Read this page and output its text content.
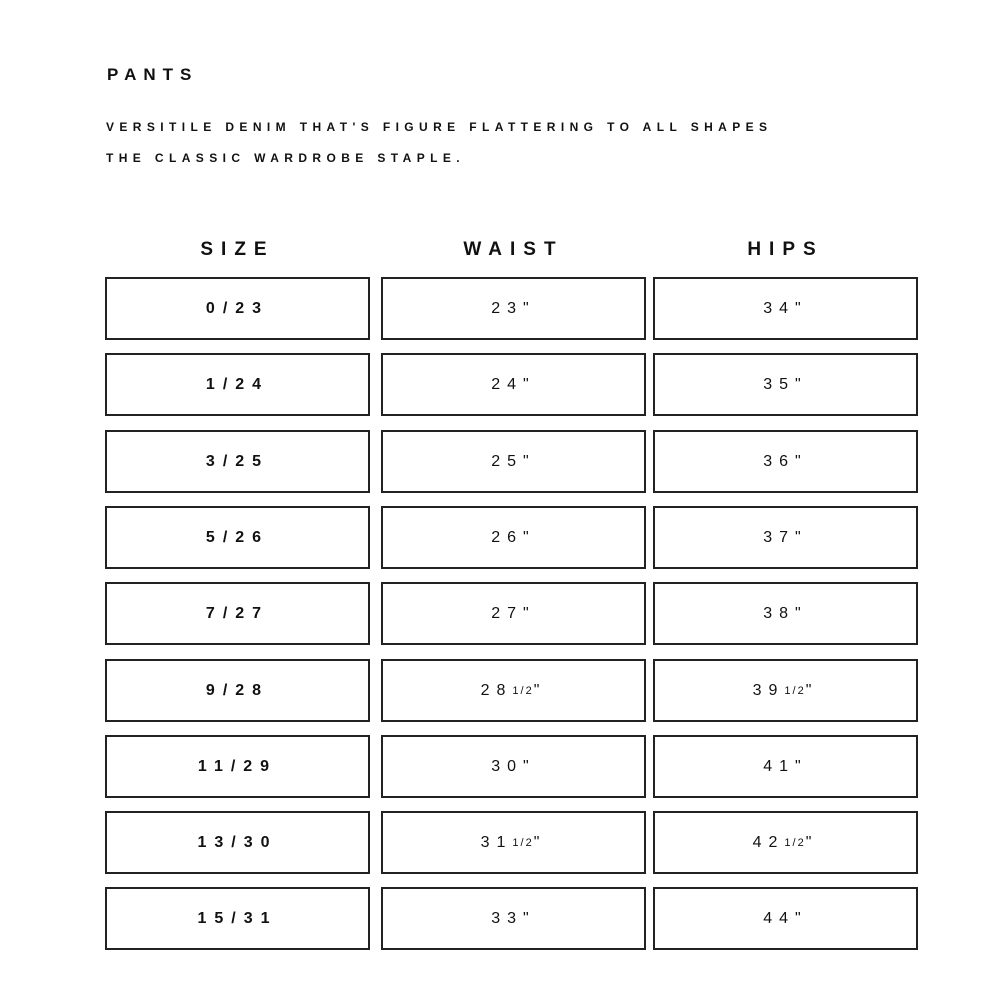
PANTS
VERSITILE DENIM THAT'S FIGURE FLATTERING TO ALL SHAPES
THE CLASSIC WARDROBE STAPLE.
SIZE	WAIST	HIPS
0/23	23"	34"
1/24	24"	35"
3/25	25"	36"
5/26	26"	37"
7/27	27"	38"
9/28	28 1/2 "	39 1/2 "
11/29	30"	41"
13/30	31 1/2 "	42 1/2 "
15/31	33"	44"
